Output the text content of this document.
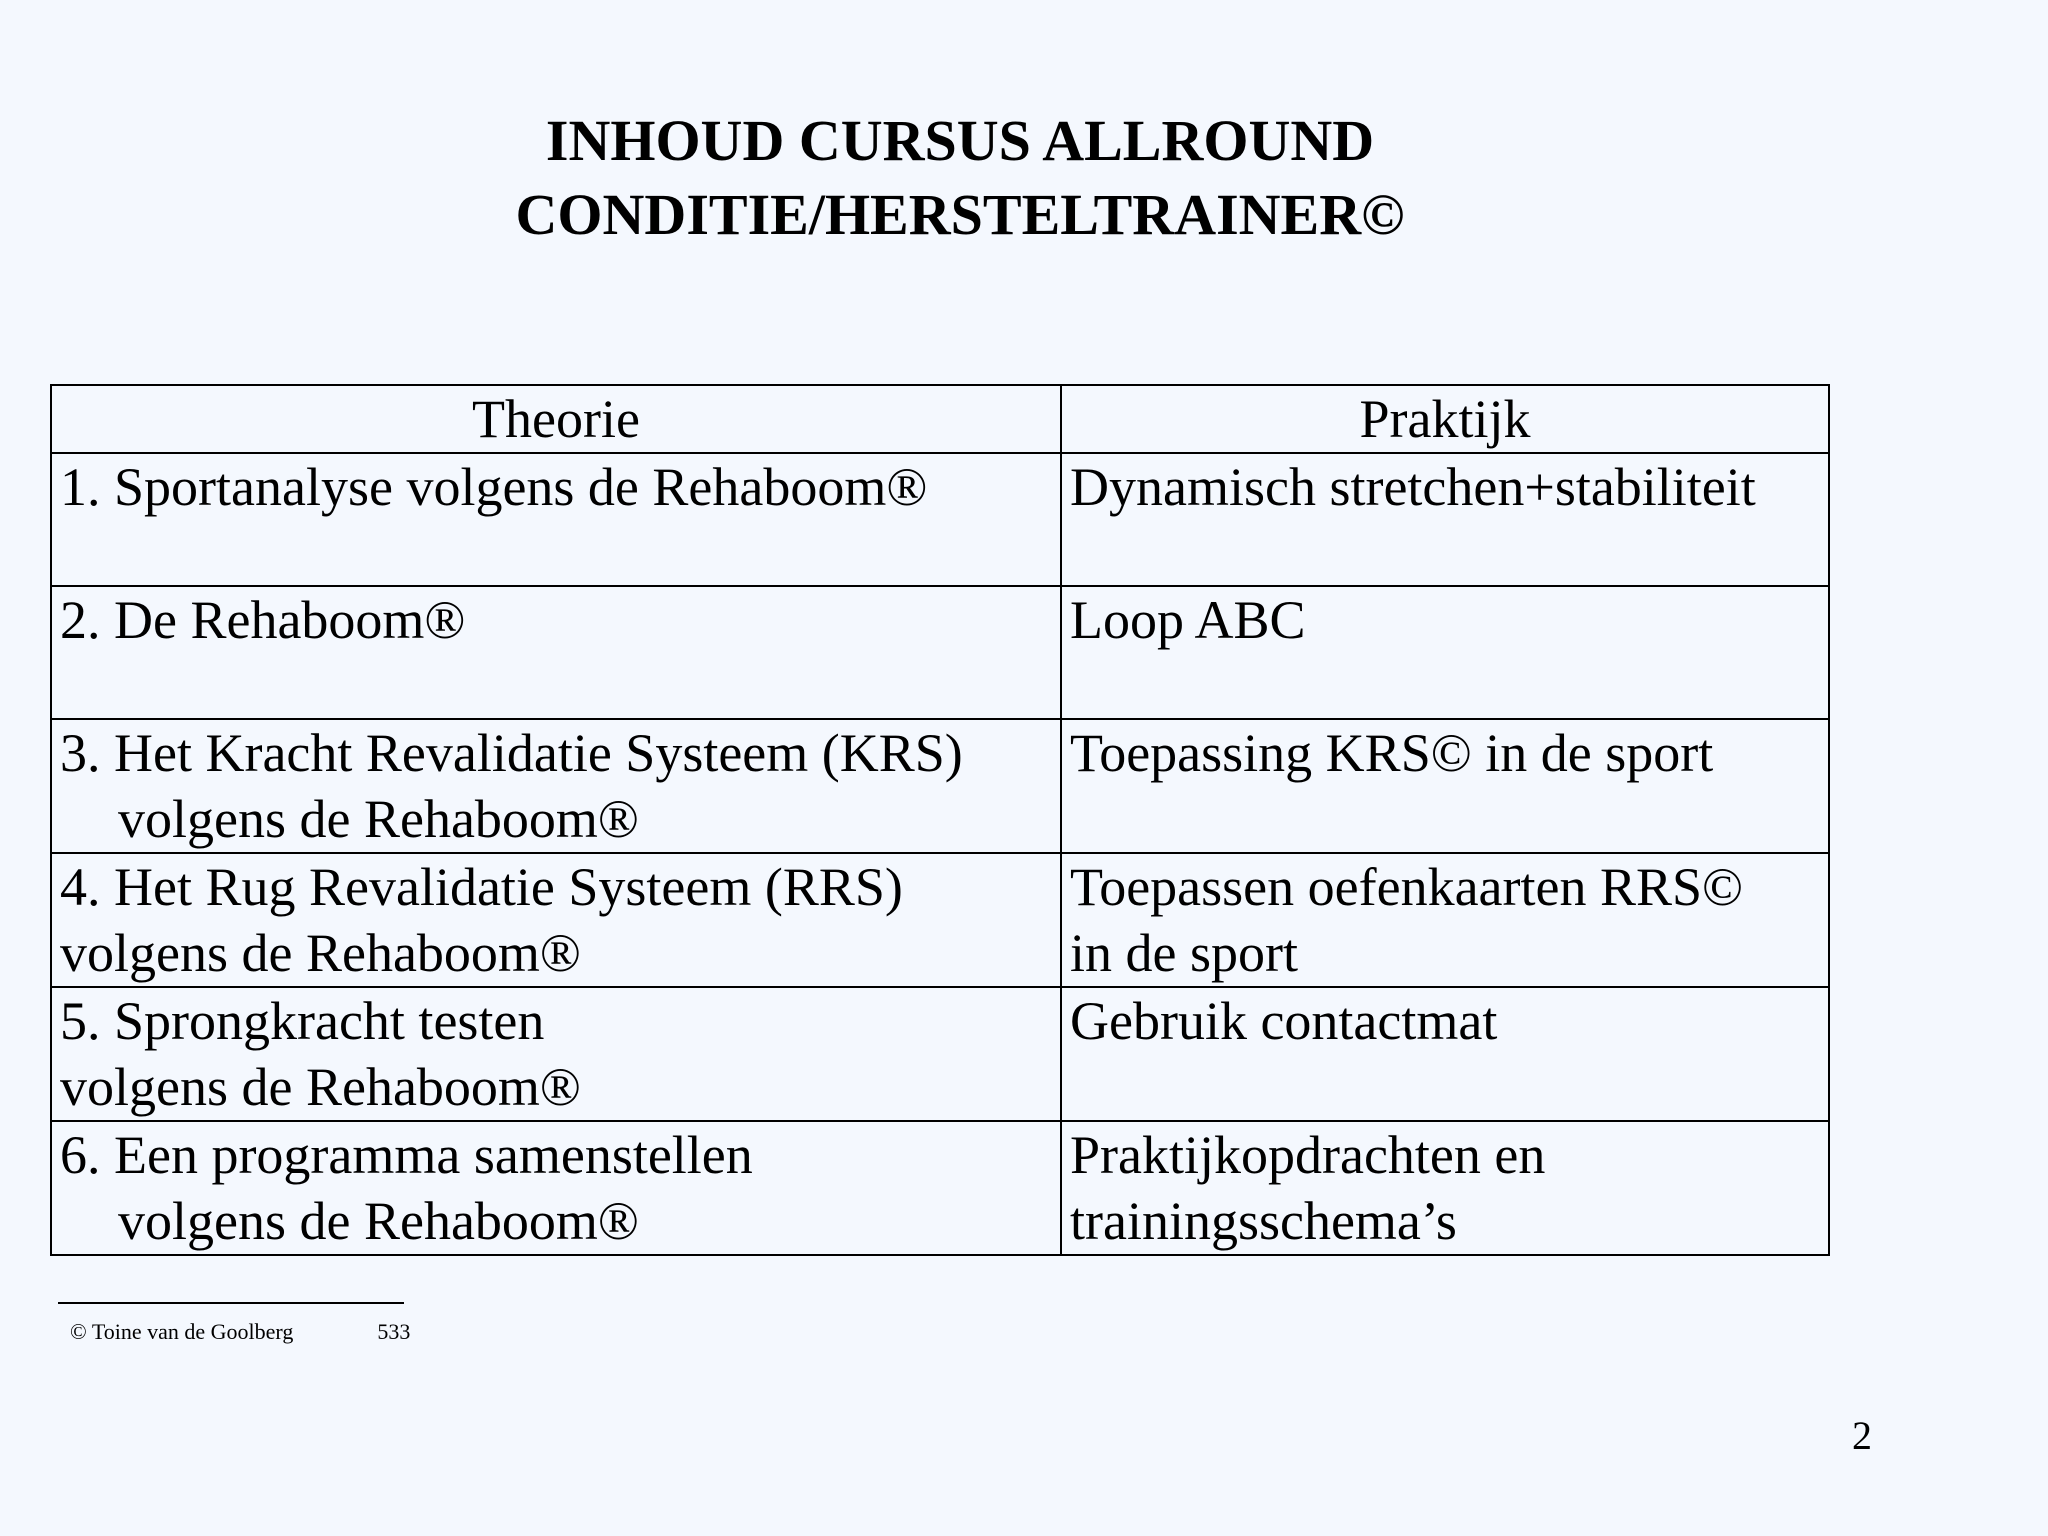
INHOUD CURSUS ALLROUND
CONDITIE/HERSTELTRAINER©
Theorie	Praktijk

1. Sportanalyse volgens de Rehaboom®	Dynamisch stretchen+stabiliteit

2. De Rehaboom®	Loop ABC

3. Het Kracht Revalidatie Systeem (KRS)
volgens de Rehaboom®	Toepassing KRS© in de sport

4. Het Rug Revalidatie Systeem (RRS)
volgens de Rehaboom®	Toepassen oefenkaarten RRS©
in de sport

5. Sprongkracht testen
volgens de Rehaboom®	Gebruik contactmat

6. Een programma samenstellen
volgens de Rehaboom®	Praktijkopdrachten en
trainingsschema’s
© Toine van de Goolberg	533
2
